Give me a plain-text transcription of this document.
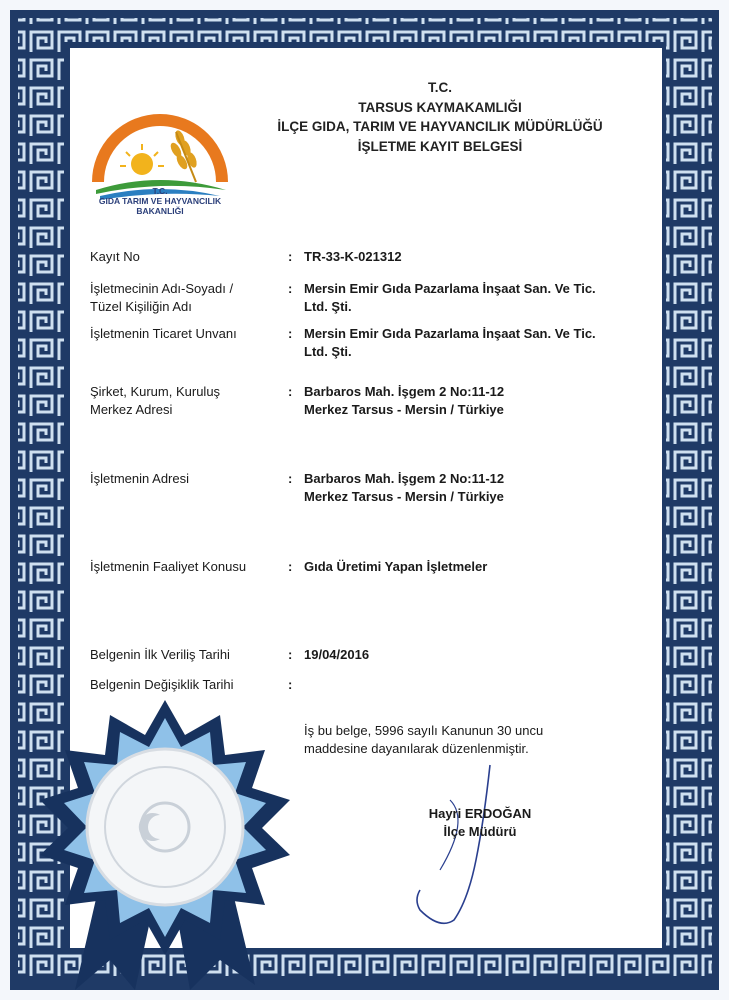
T.C.
GIDA TARIM VE HAYVANCILIK
BAKANLIĞI
T.C.
TARSUS KAYMAKAMLIĞI
İLÇE GIDA, TARIM VE HAYVANCILIK MÜDÜRLÜĞÜ
İŞLETME KAYIT BELGESİ
Kayıt No	: TR-33-K-021312
İşletmecinin Adı-Soyadı /
Tüzel Kişiliğin Adı
: Mersin Emir Gıda Pazarlama İnşaat San. Ve Tic.
Ltd. Şti.
İşletmenin Ticaret Unvanı	: Mersin Emir Gıda Pazarlama İnşaat San. Ve Tic.
Ltd. Şti.
Şirket, Kurum, Kuruluş
Merkez Adresi
: Barbaros Mah. İşgem 2 No:11-12
Merkez Tarsus - Mersin / Türkiye
İşletmenin Adresi	: Barbaros Mah. İşgem 2 No:11-12
Merkez Tarsus - Mersin / Türkiye
İşletmenin Faaliyet Konusu	: Gıda Üretimi Yapan İşletmeler
Belgenin İlk Veriliş Tarihi	: 19/04/2016
Belgenin Değişiklik Tarihi	:
İş bu belge, 5996 sayılı Kanunun 30 uncu
maddesine dayanılarak düzenlenmiştir.
Hayri ERDOĞAN
İlçe Müdürü
